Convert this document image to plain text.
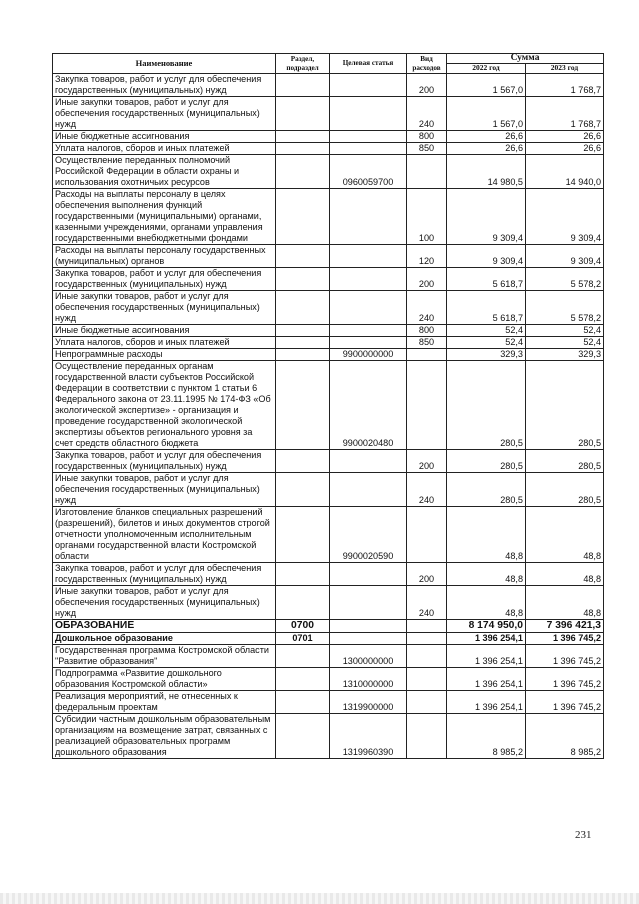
Наименование	Раздел, подраздел	Целевая статья	Вид расходов	Сумма	
				2022 год	2023 год
Закупка товаров, работ и услуг для обеспечения государственных (муниципальных) нужд			200	1 567,0	1 768,7
Иные закупки товаров, работ и услуг для обеспечения государственных (муниципальных) нужд			240	1 567,0	1 768,7
Иные бюджетные ассигнования			800	26,6	26,6
Уплата налогов, сборов и иных платежей			850	26,6	26,6
Осуществление переданных полномочий Российской Федерации в области охраны и использования охотничьих ресурсов		0960059700		14 980,5	14 940,0
Расходы на выплаты персоналу в целях обеспечения выполнения функций государственными (муниципальными) органами, казенными учреждениями, органами управления государственными внебюджетными фондами			100	9 309,4	9 309,4
Расходы на выплаты персоналу государственных (муниципальных) органов			120	9 309,4	9 309,4
Закупка товаров, работ и услуг для обеспечения государственных (муниципальных) нужд			200	5 618,7	5 578,2
Иные закупки товаров, работ и услуг для обеспечения государственных (муниципальных) нужд			240	5 618,7	5 578,2
Иные бюджетные ассигнования			800	52,4	52,4
Уплата налогов, сборов и иных платежей			850	52,4	52,4
Непрограммные расходы		9900000000		329,3	329,3
Осуществление переданных органам государственной власти субъектов Российской Федерации в соответствии с пунктом 1 статьи 6 Федерального закона от 23.11.1995 № 174-ФЗ «Об экологической экспертизе» - организация и проведение государственной экологической экспертизы объектов регионального уровня за счет средств областного бюджета		9900020480		280,5	280,5
Закупка товаров, работ и услуг для обеспечения государственных (муниципальных) нужд			200	280,5	280,5
Иные закупки товаров, работ и услуг для обеспечения государственных (муниципальных) нужд			240	280,5	280,5
Изготовление бланков специальных разрешений (разрешений), билетов и иных документов строгой отчетности уполномоченным исполнительным органами государственной власти Костромской области		9900020590		48,8	48,8
Закупка товаров, работ и услуг для обеспечения государственных (муниципальных) нужд			200	48,8	48,8
Иные закупки товаров, работ и услуг для обеспечения государственных (муниципальных) нужд			240	48,8	48,8
ОБРАЗОВАНИЕ	0700			8 174 950,0	7 396 421,3
Дошкольное образование	0701			1 396 254,1	1 396 745,2
Государственная программа Костромской области "Развитие образования"		1300000000		1 396 254,1	1 396 745,2
Подпрограмма «Развитие дошкольного образования Костромской области»		1310000000		1 396 254,1	1 396 745,2
Реализация мероприятий, не отнесенных к федеральным проектам		1319900000		1 396 254,1	1 396 745,2
Субсидии частным дошкольным образовательным организациям на возмещение затрат, связанных с реализацией образовательных программ дошкольного образования		1319960390		8 985,2	8 985,2
231
